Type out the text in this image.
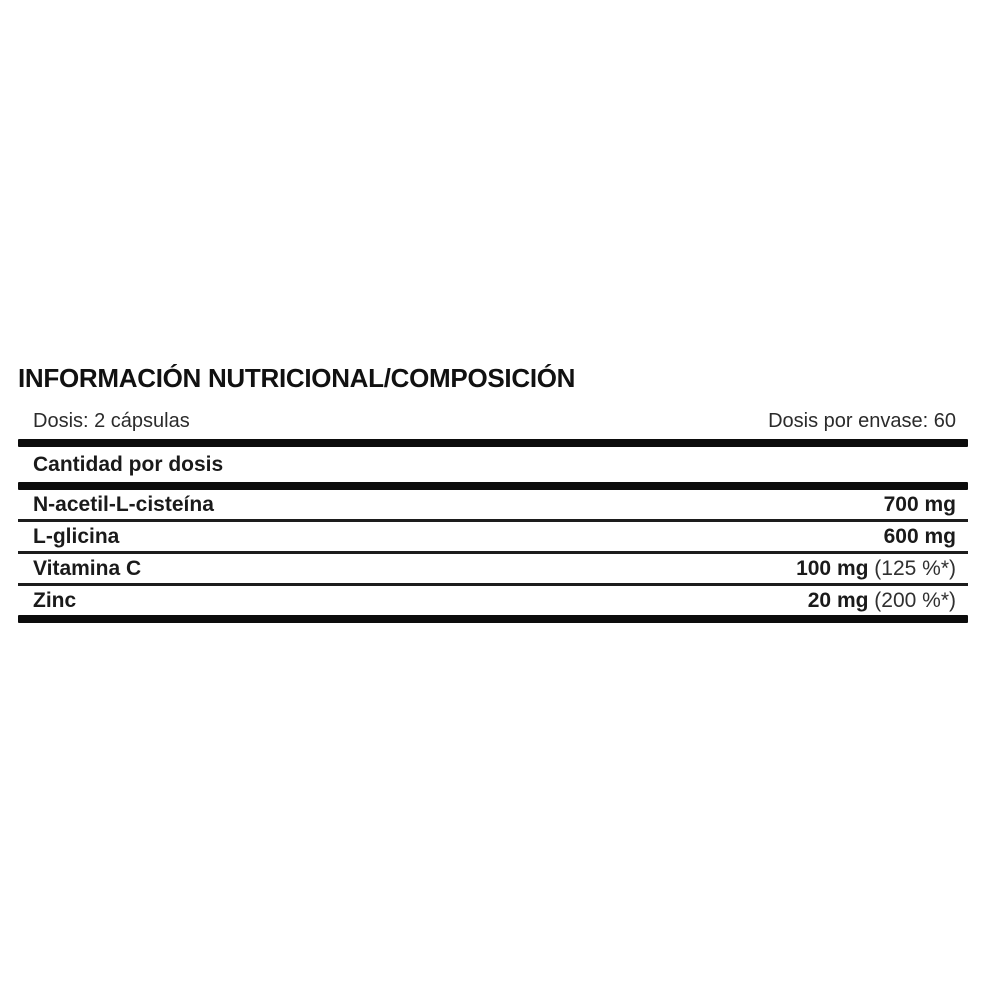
INFORMACIÓN NUTRICIONAL/COMPOSICIÓN
Dosis: 2 cápsulas	Dosis por envase: 60
Cantidad por dosis
N-acetil-L-cisteína	700 mg
L-glicina	600 mg
Vitamina C	100 mg (125 %*)
Zinc	20 mg (200 %*)
